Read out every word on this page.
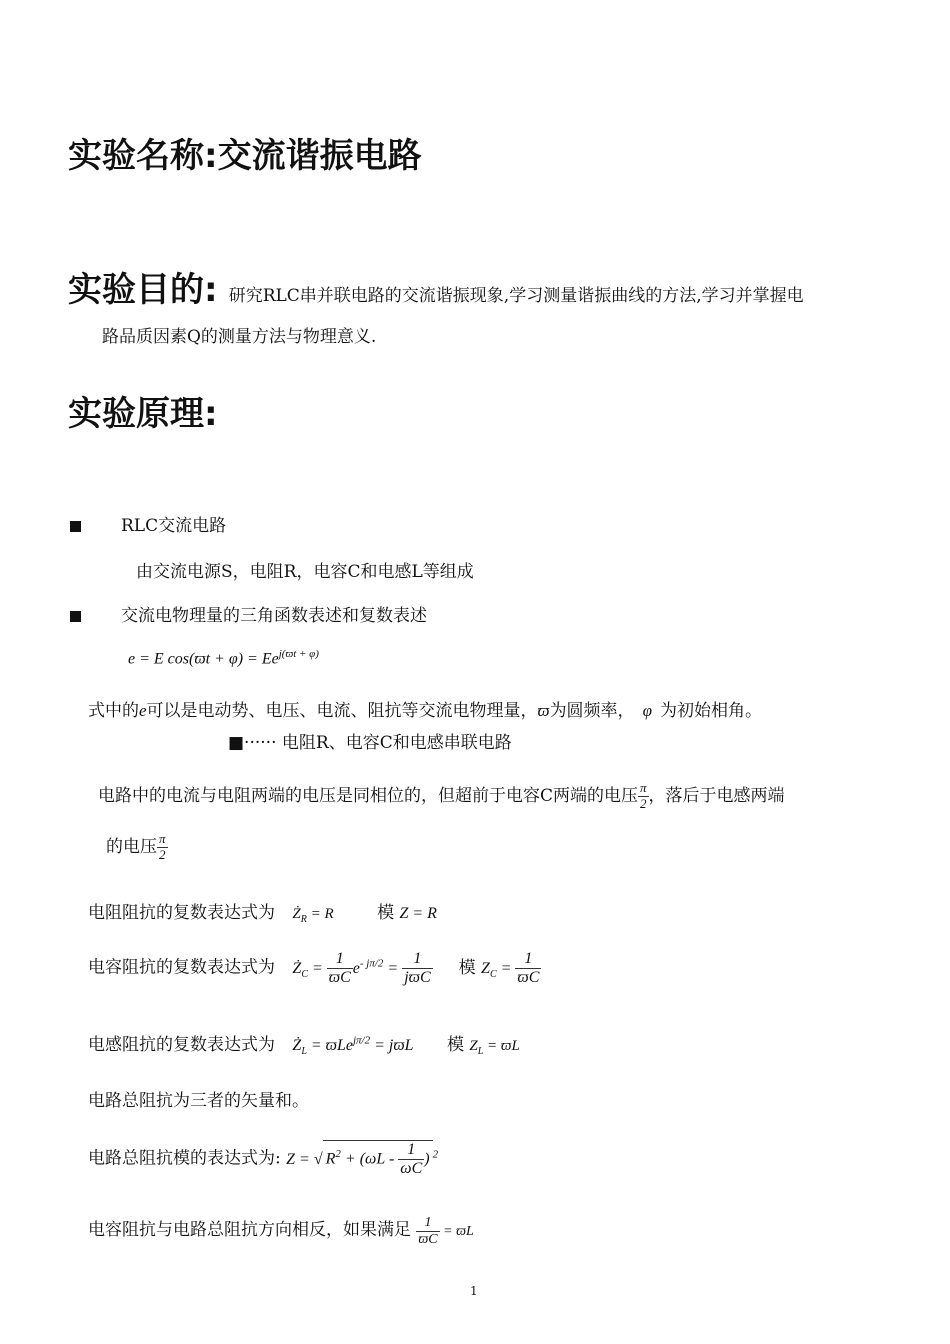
实验名称:交流谐振电路
实验目的: 研究RLC串并联电路的交流谐振现象,学习测量谐振曲线的方法,学习并掌握电
路品质因素Q的测量方法与物理意义.
实验原理:
RLC交流电路
由交流电源S，电阻R，电容C和电感L等组成
交流电物理量的三角函数表述和复数表述
e = E $\cos(ϖt + \varphi) = Ee^{j(ϖt + \varphi)}$
式中的e可以是电动势、电压、电流、阻抗等交流电物理量，ϖ为圆频率， φ 为初始相角。
■······ 电阻R、电容C和电感串联电路
电路中的电流与电阻两端的电压是同相位的，但超前于电容C两端的电压 $\frac{\pi}{2}$ ，落后于电感两端
的电压 $\frac{\pi}{2}$
电阻阻抗的复数表达式为 $Ż_R = R$	模 Z = R
电容阻抗的复数表达式为 $Ż_C = \frac{1}{ϖC} e^{- j\pi/2} = \frac{1}{\text{jϖC}}$ 模 $Z_C = \frac{1}{ϖC}$
电感阻抗的复数表达式为 $Ż_L = ϖLe^{j\pi/2} = jϖL$ 模 $Z_L = ϖL$
电路总阻抗为三者的矢量和。
电路总阻抗模的表达式为: Z = √ $R^2 + (\omega L - \frac{1}{\omega C}$ ) $^2$
电容阻抗与电路总阻抗方向相反，如果满足 $\frac{1}{ϖC} = ϖL$
1
